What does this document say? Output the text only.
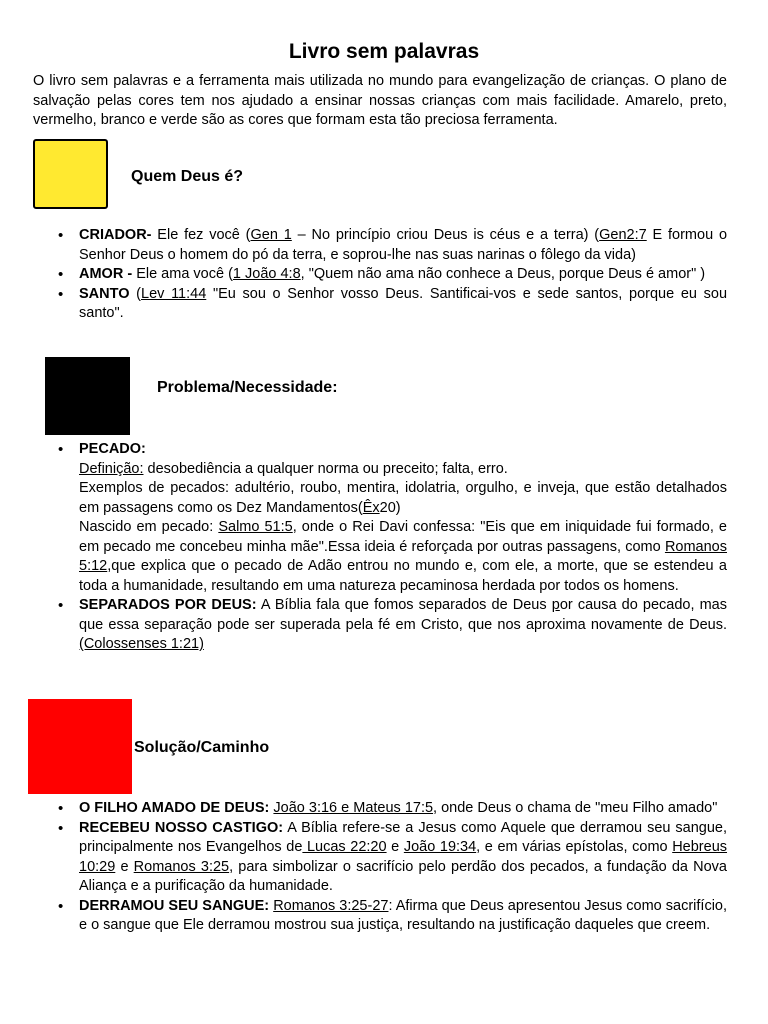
Livro sem palavras

O livro sem palavras e a ferramenta mais utilizada no mundo para evangelização de crianças. O plano de salvação pelas cores tem nos ajudado a ensinar nossas crianças com mais facilidade. Amarelo, preto, vermelho, branco e verde são as cores que formam esta tão preciosa ferramenta.

Quem Deus é?
• CRIADOR- Ele fez você (Gen 1 – No princípio criou Deus is céus e a terra) (Gen2:7 E formou o Senhor Deus o homem do pó da terra, e soprou-lhe nas suas narinas o fôlego da vida)
• AMOR - Ele ama você (1 João 4:8, "Quem não ama não conhece a Deus, porque Deus é amor" )
• SANTO (Lev 11:44 "Eu sou o Senhor vosso Deus. Santificai-vos e sede santos, porque eu sou santo".
Problema/Necessidade:
• PECADO:
Definição: desobediência a qualquer norma ou preceito; falta, erro.
Exemplos de pecados: adultério, roubo, mentira, idolatria, orgulho, e inveja, que estão detalhados em passagens como os Dez Mandamentos(Êx20)
Nascido em pecado: Salmo 51:5, onde o Rei Davi confessa: "Eis que em iniquidade fui formado, e em pecado me concebeu minha mãe".Essa ideia é reforçada por outras passagens, como Romanos 5:12,que explica que o pecado de Adão entrou no mundo e, com ele, a morte, que se estendeu a toda a humanidade, resultando em uma natureza pecaminosa herdada por todos os homens.
• SEPARADOS POR DEUS: A Bíblia fala que fomos separados de Deus por causa do pecado, mas que essa separação pode ser superada pela fé em Cristo, que nos aproxima novamente de Deus. (Colossenses 1:21)
Solução/Caminho
• O FILHO AMADO DE DEUS: João 3:16 e Mateus 17:5, onde Deus o chama de "meu Filho amado"
• RECEBEU NOSSO CASTIGO: A Bíblia refere-se a Jesus como Aquele que derramou seu sangue, principalmente nos Evangelhos de Lucas 22:20 e João 19:34, e em várias epístolas, como Hebreus 10:29 e Romanos 3:25, para simbolizar o sacrifício pelo perdão dos pecados, a fundação da Nova Aliança e a purificação da humanidade.
• DERRAMOU SEU SANGUE: Romanos 3:25-27: Afirma que Deus apresentou Jesus como sacrifício, e o sangue que Ele derramou mostrou sua justiça, resultando na justificação daqueles que creem.
